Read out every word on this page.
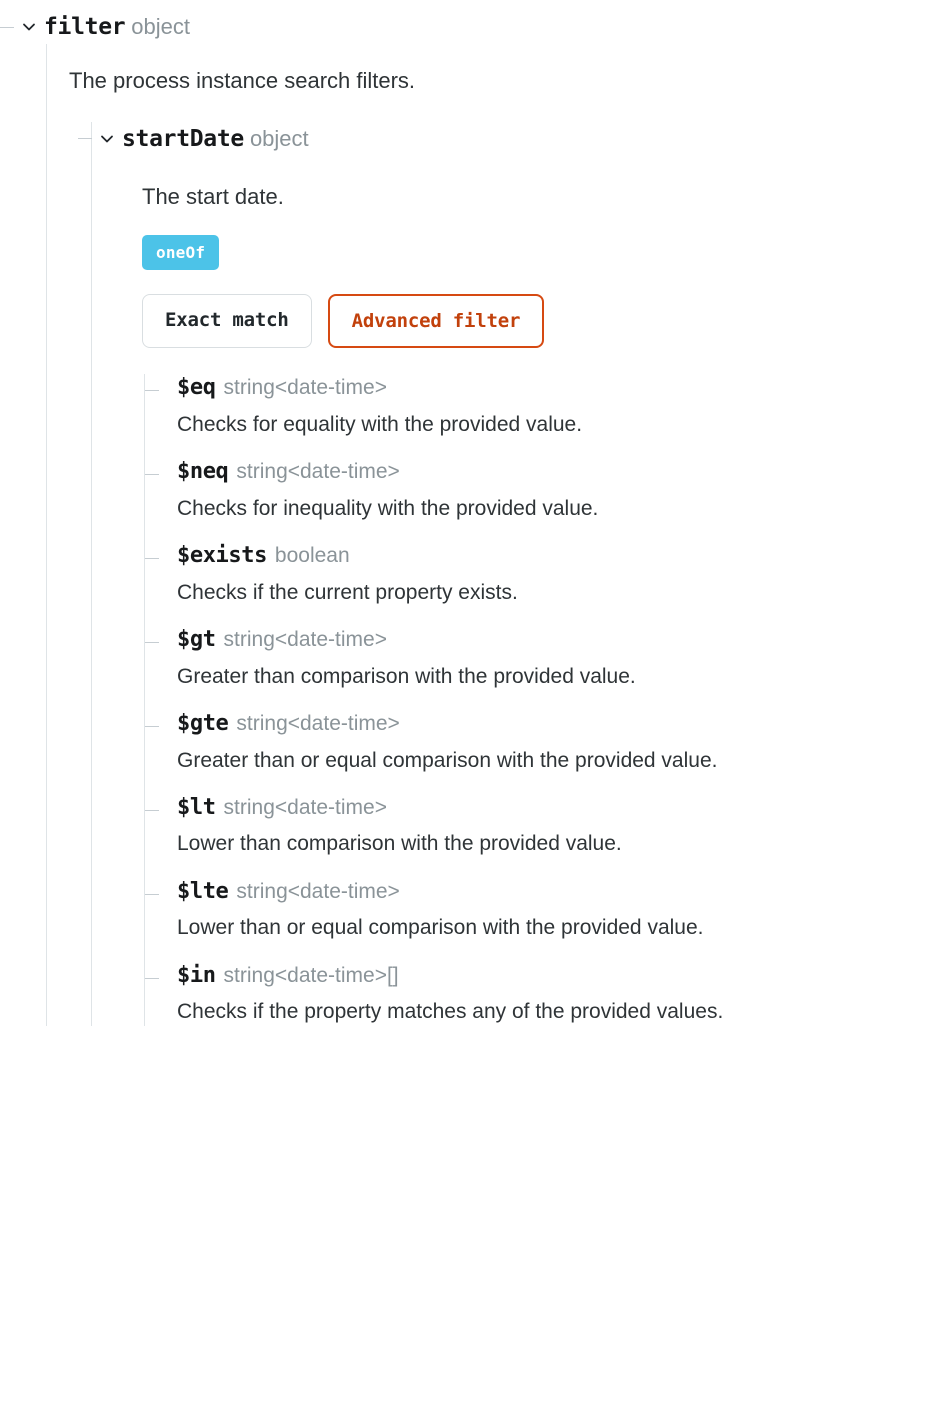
filter object
The process instance search filters.
startDate object
The start date.
oneOf
Exact match	Advanced filter
$eq string<date-time>
Checks for equality with the provided value.
$neq string<date-time>
Checks for inequality with the provided value.
$exists boolean
Checks if the current property exists.
$gt string<date-time>
Greater than comparison with the provided value.
$gte string<date-time>
Greater than or equal comparison with the provided value.
$lt string<date-time>
Lower than comparison with the provided value.
$lte string<date-time>
Lower than or equal comparison with the provided value.
$in string<date-time>[]
Checks if the property matches any of the provided values.
